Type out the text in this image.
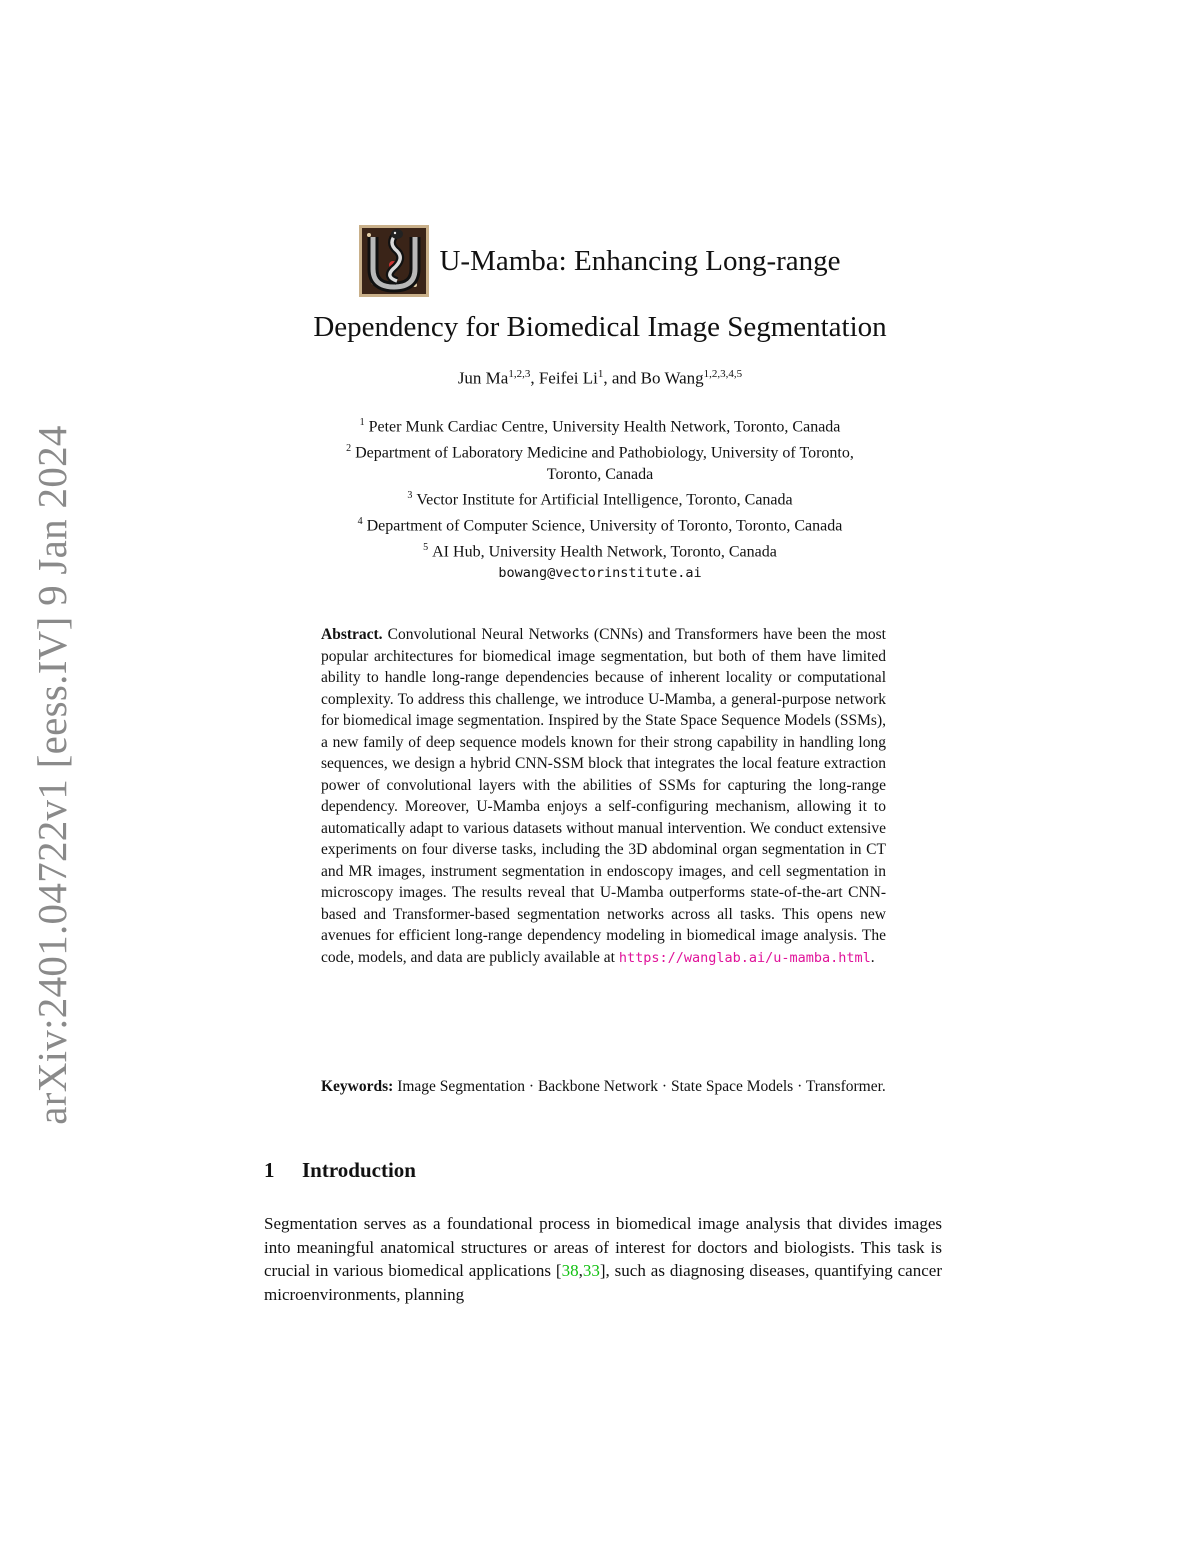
arXiv:2401.04722v1 [eess.IV] 9 Jan 2024
U-Mamba: Enhancing Long-range
Dependency for Biomedical Image Segmentation
Jun Ma$^{1,2,3}$, Feifei Li$^1$, and Bo Wang$^{1,2,3,4,5}$
$^1$ Peter Munk Cardiac Centre, University Health Network, Toronto, Canada
$^2$ Department of Laboratory Medicine and Pathobiology, University of Toronto,
Toronto, Canada
$^3$ Vector Institute for Artificial Intelligence, Toronto, Canada
$^4$ Department of Computer Science, University of Toronto, Toronto, Canada
$^5$ AI Hub, University Health Network, Toronto, Canada
bowang@vectorinstitute.ai
Abstract. Convolutional Neural Networks (CNNs) and Transformers have been the most popular architectures for biomedical image segmentation, but both of them have limited ability to handle long-range dependencies because of inherent locality or computational complexity. To address this challenge, we introduce U-Mamba, a general-purpose network for biomedical image segmentation. Inspired by the State Space Sequence Models (SSMs), a new family of deep sequence models known for their strong capability in handling long sequences, we design a hybrid CNN-SSM block that integrates the local feature extraction power of convolutional layers with the abilities of SSMs for capturing the long-range dependency. Moreover, U-Mamba enjoys a self-configuring mechanism, allowing it to automatically adapt to various datasets without manual intervention. We conduct extensive experiments on four diverse tasks, including the 3D abdominal organ segmentation in CT and MR images, instrument segmentation in endoscopy images, and cell segmentation in microscopy images. The results reveal that U-Mamba outperforms state-of-the-art CNN-based and Transformer-based segmentation networks across all tasks. This opens new avenues for efficient long-range dependency modeling in biomedical image analysis. The code, models, and data are publicly available at https://wanglab.ai/u-mamba.html.
Keywords: Image Segmentation · Backbone Network · State Space Models · Transformer.
1 Introduction
Segmentation serves as a foundational process in biomedical image analysis that divides images into meaningful anatomical structures or areas of interest for doctors and biologists. This task is crucial in various biomedical applications [38,33], such as diagnosing diseases, quantifying cancer microenvironments, planning
